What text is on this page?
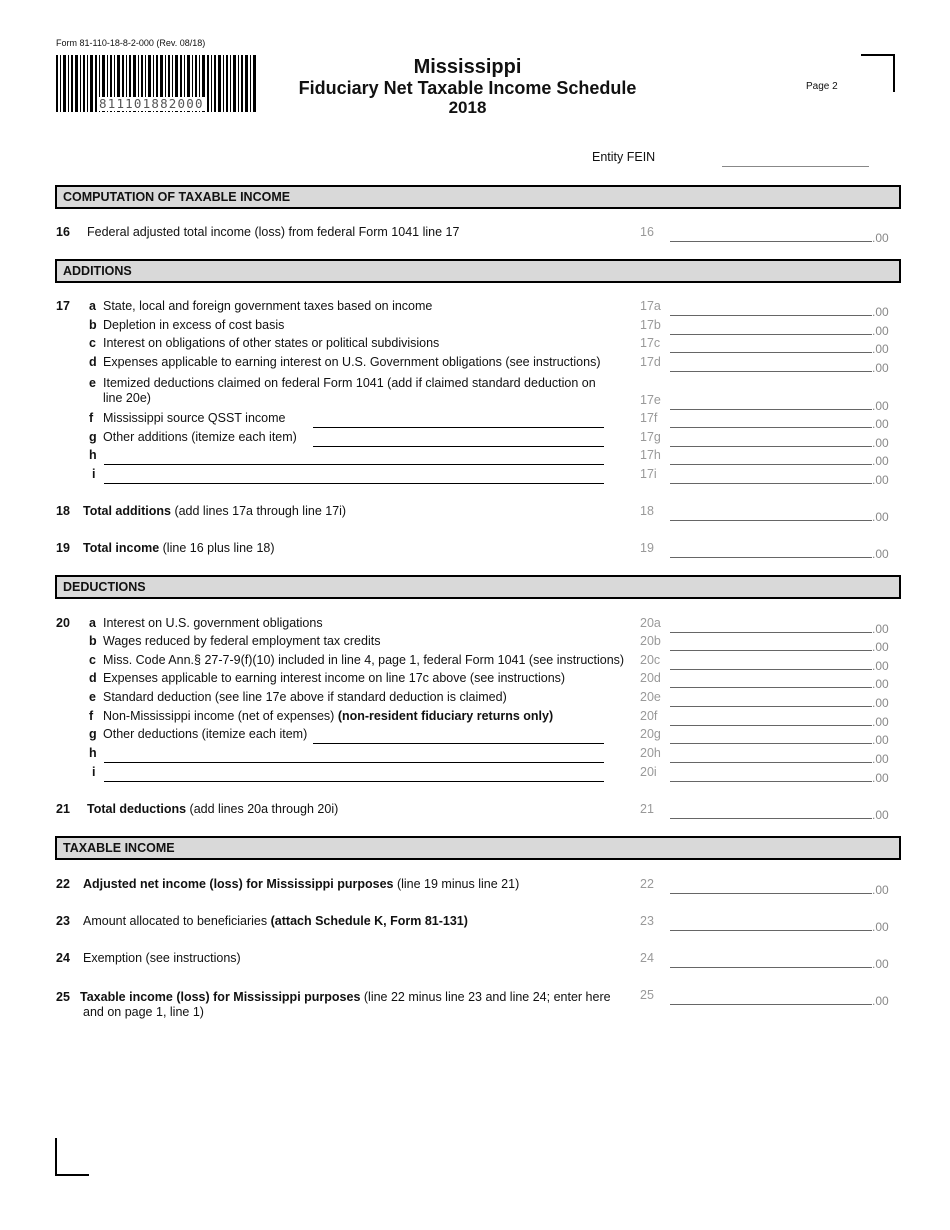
Form 81-110-18-8-2-000 (Rev. 08/18)
811101882000
Mississippi
Fiduciary Net Taxable Income Schedule
2018
Page 2
Entity FEIN
COMPUTATION OF TAXABLE INCOME
16 Federal adjusted total income (loss) from federal Form 1041 line 17	16	.00
ADDITIONS
17 a State, local and foreign government taxes based on income	17a	.00
b Depletion in excess of cost basis	17b	.00
c Interest on obligations of other states or political subdivisions	17c	.00
d Expenses applicable to earning interest on U.S. Government obligations (see instructions)	17d	.00
e Itemized deductions claimed on federal Form 1041 (add if claimed standard deduction on
line 20e)	17e	.00
f Mississippi source QSST income	17f	.00
g Other additions (itemize each item)	17g	.00
h	17h	.00
i	17i	.00
18 Total additions (add lines 17a through line 17i)	18	.00
19 Total income (line 16 plus line 18)	19	.00
DEDUCTIONS
20 a Interest on U.S. government obligations	20a	.00
b Wages reduced by federal employment tax credits	20b	.00
c Miss. Code Ann.§ 27-7-9(f)(10) included in line 4, page 1, federal Form 1041 (see instructions) 20c	.00
d Expenses applicable to earning interest income on line 17c above (see instructions)	20d	.00
e Standard deduction (see line 17e above if standard deduction is claimed)	20e	.00
f Non-Mississippi income (net of expenses) (non-resident fiduciary returns only)	20f	.00
g Other deductions (itemize each item)	20g	.00
h	20h	.00
i	20i	.00
21 Total deductions (add lines 20a through 20i)	21	.00
TAXABLE INCOME
22 Adjusted net income (loss) for Mississippi purposes (line 19 minus line 21)	22	.00
23 Amount allocated to beneficiaries (attach Schedule K, Form 81-131)	23	.00
24 Exemption (see instructions)	24	.00
25 Taxable income (loss) for Mississippi purposes (line 22 minus line 23 and line 24; enter here
and on page 1, line 1)
25	.00
